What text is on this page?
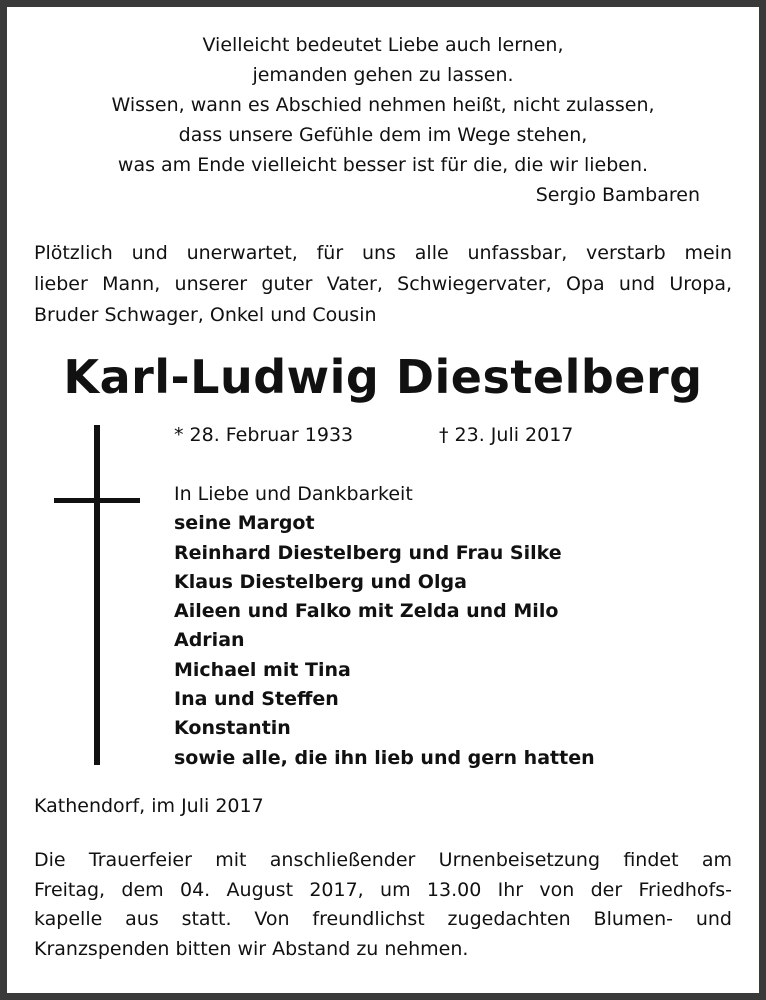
Vielleicht bedeutet Liebe auch lernen,
jemanden gehen zu lassen.
Wissen, wann es Abschied nehmen heißt, nicht zulassen,
dass unsere Gefühle dem im Wege stehen,
was am Ende vielleicht besser ist für die, die wir lieben.
Sergio Bambaren
Plötzlich und unerwartet, für uns alle unfassbar, verstarb mein
lieber Mann, unserer guter Vater, Schwiegervater, Opa und Uropa,
Bruder Schwager, Onkel und Cousin
Karl-Ludwig Diestelberg
* 28. Februar 1933	† 23. Juli 2017
In Liebe und Dankbarkeit
seine Margot
Reinhard Diestelberg und Frau Silke
Klaus Diestelberg und Olga
Aileen und Falko mit Zelda und Milo
Adrian
Michael mit Tina
Ina und Steffen
Konstantin
sowie alle, die ihn lieb und gern hatten
Kathendorf, im Juli 2017
Die Trauerfeier mit anschließender Urnenbeisetzung findet am
Freitag, dem 04. August 2017, um 13.00 Ihr von der Friedhofs-
kapelle aus statt. Von freundlichst zugedachten Blumen- und
Kranzspenden bitten wir Abstand zu nehmen.
